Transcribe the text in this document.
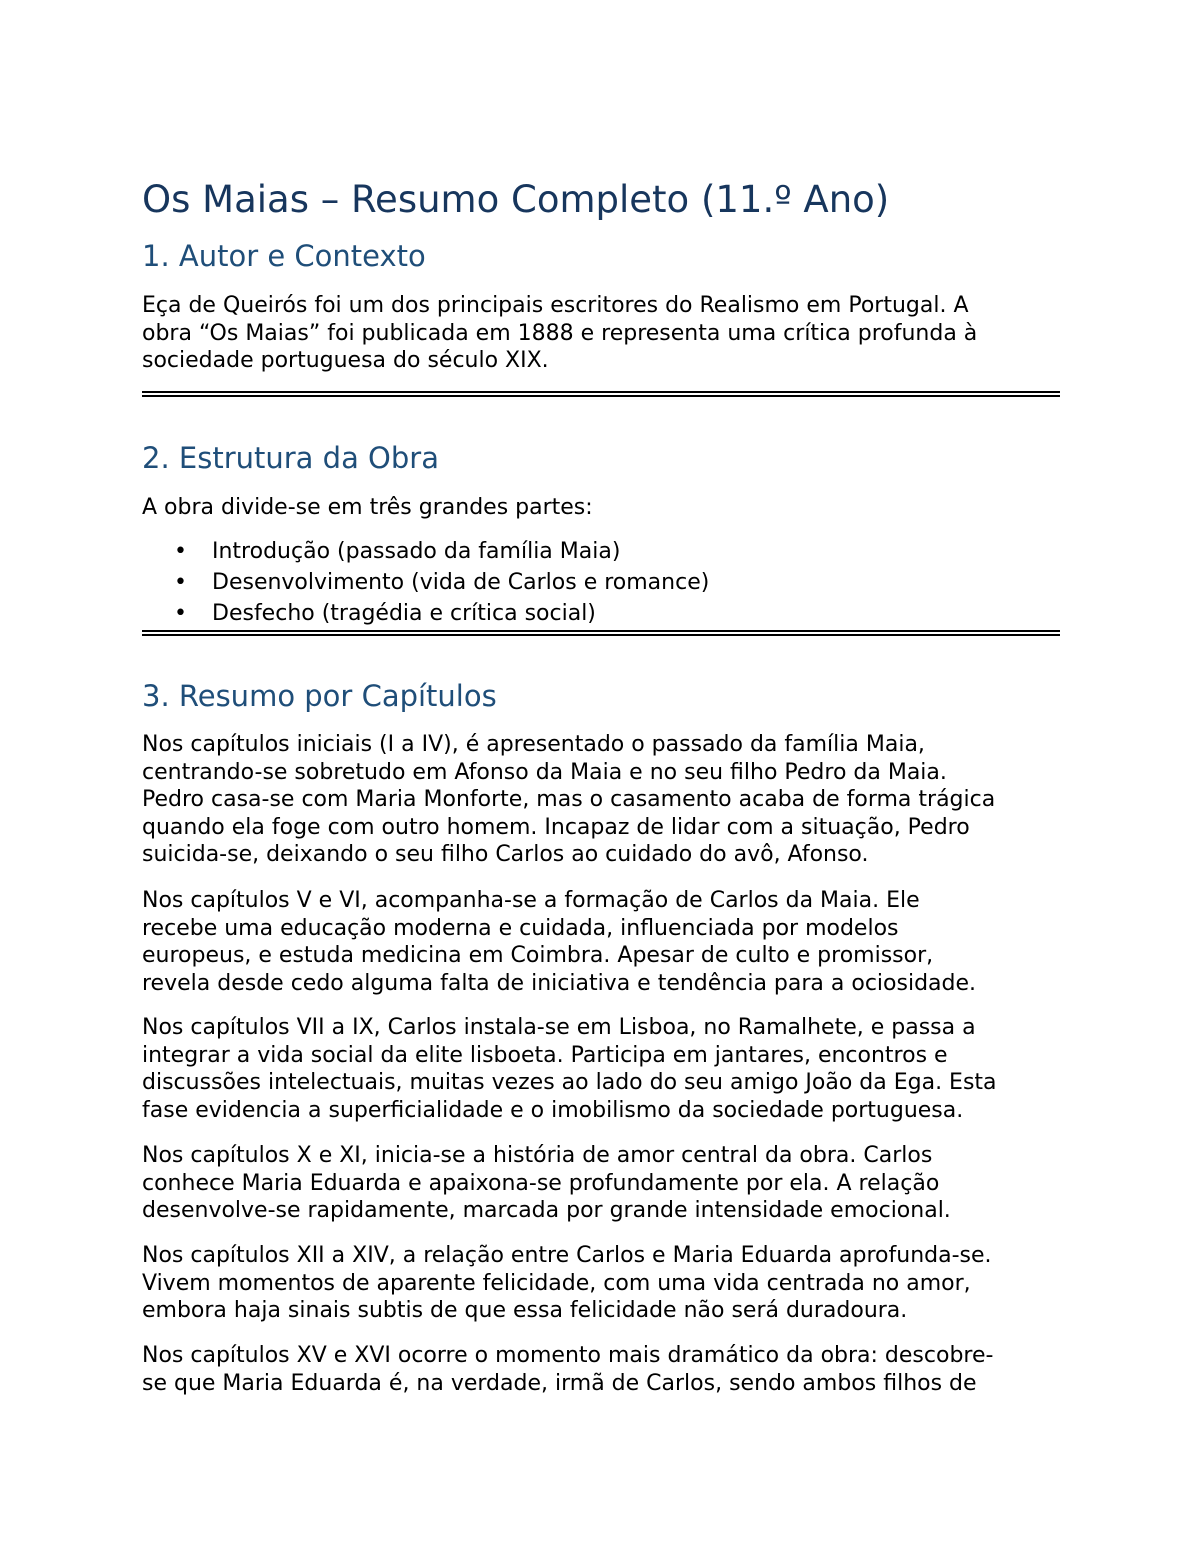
Os Maias – Resumo Completo (11.º Ano)
1. Autor e Contexto

Eça de Queirós foi um dos principais escritores do Realismo em Portugal. A

obra “Os Maias” foi publicada em 1888 e representa uma crítica profunda à

sociedade portuguesa do século XIX.

2. Estrutura da Obra

A obra divide-se em três grandes partes:

• Introdução (passado da família Maia)
• Desenvolvimento (vida de Carlos e romance)
• Desfecho (tragédia e crítica social)
3. Resumo por Capítulos

Nos capítulos iniciais (I a IV), é apresentado o passado da família Maia,

centrando-se sobretudo em Afonso da Maia e no seu filho Pedro da Maia.

Pedro casa-se com Maria Monforte, mas o casamento acaba de forma trágica

quando ela foge com outro homem. Incapaz de lidar com a situação, Pedro

suicida-se, deixando o seu filho Carlos ao cuidado do avô, Afonso.

Nos capítulos V e VI, acompanha-se a formação de Carlos da Maia. Ele

recebe uma educação moderna e cuidada, influenciada por modelos

europeus, e estuda medicina em Coimbra. Apesar de culto e promissor,

revela desde cedo alguma falta de iniciativa e tendência para a ociosidade.

Nos capítulos VII a IX, Carlos instala-se em Lisboa, no Ramalhete, e passa a

integrar a vida social da elite lisboeta. Participa em jantares, encontros e

discussões intelectuais, muitas vezes ao lado do seu amigo João da Ega. Esta

fase evidencia a superficialidade e o imobilismo da sociedade portuguesa.

Nos capítulos X e XI, inicia-se a história de amor central da obra. Carlos

conhece Maria Eduarda e apaixona-se profundamente por ela. A relação

desenvolve-se rapidamente, marcada por grande intensidade emocional.

Nos capítulos XII a XIV, a relação entre Carlos e Maria Eduarda aprofunda-se.

Vivem momentos de aparente felicidade, com uma vida centrada no amor,

embora haja sinais subtis de que essa felicidade não será duradoura.

Nos capítulos XV e XVI ocorre o momento mais dramático da obra: descobre-

se que Maria Eduarda é, na verdade, irmã de Carlos, sendo ambos filhos de
